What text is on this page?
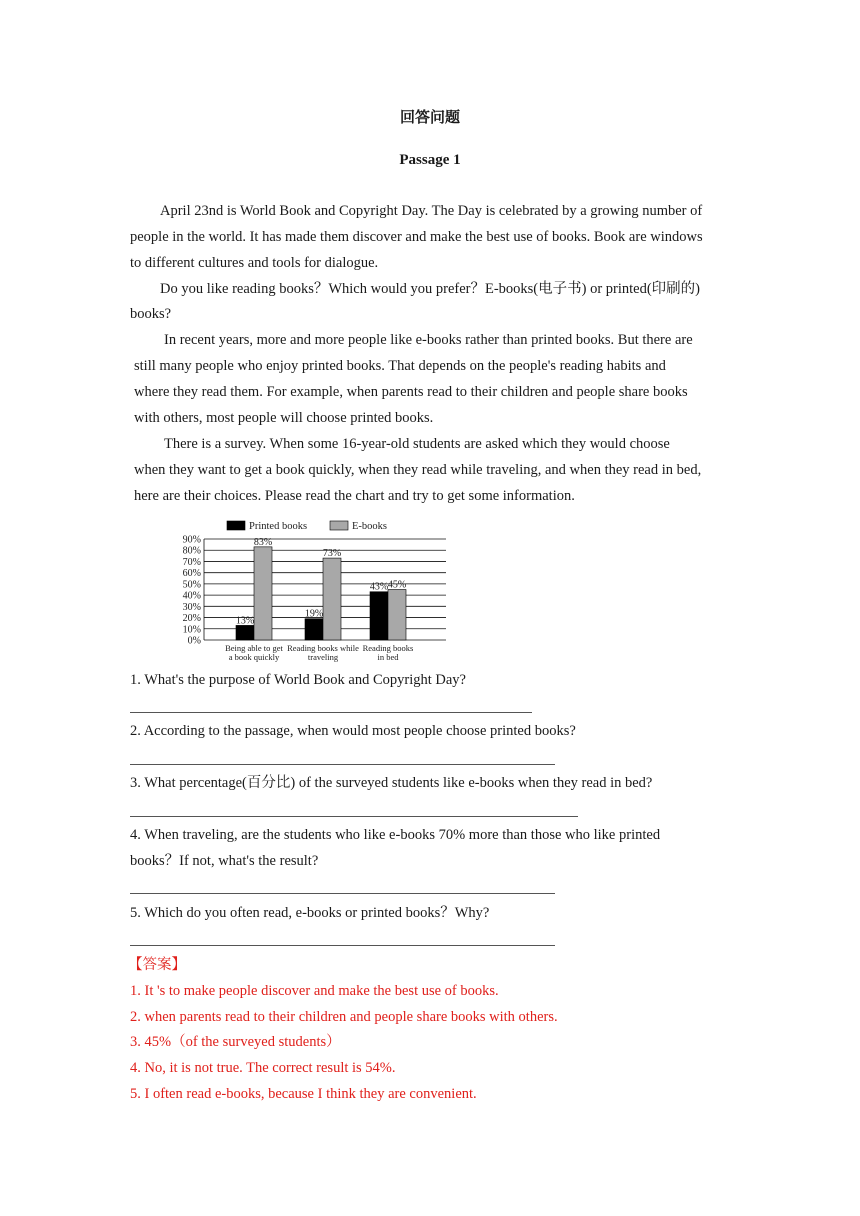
回答问题
Passage 1
April 23nd is World Book and Copyright Day. The Day is celebrated by a growing number of
people in the world. It has made them discover and make the best use of books. Book are windows
to different cultures and tools for dialogue.
Do you like reading books？Which would you prefer？E-books(电子书) or printed(印刷的)
books?
In recent years, more and more people like e-books rather than printed books. But there are
still many people who enjoy printed books. That depends on the people's reading habits and
where they read them. For example, when parents read to their children and people share books
with others, most people will choose printed books.
There is a survey. When some 16-year-old students are asked which they would choose
when they want to get a book quickly, when they read while traveling, and when they read in bed,
here are their choices. Please read the chart and try to get some information.
Printed books	E-books
0%
10%
20%
30%
40%
50%
60%
70%
80%
90%
13%
83%
19%
73%
43% 45%
Being able to get
a book quickly
Reading books while
traveling
Reading books
in bed
1. What's the purpose of World Book and Copyright Day?
2. According to the passage, when would most people choose printed books?
3. What percentage(百分比) of the surveyed students like e-books when they read in bed?
4. When traveling, are the students who like e-books 70% more than those who like printed
books？If not, what's the result?
5. Which do you often read, e-books or printed books？Why?
【答案】
1. It 's to make people discover and make the best use of books.
2. when parents read to their children and people share books with others.
3. 45%（of the surveyed students）
4. No, it is not true. The correct result is 54%.
5. I often read e-books, because I think they are convenient.
